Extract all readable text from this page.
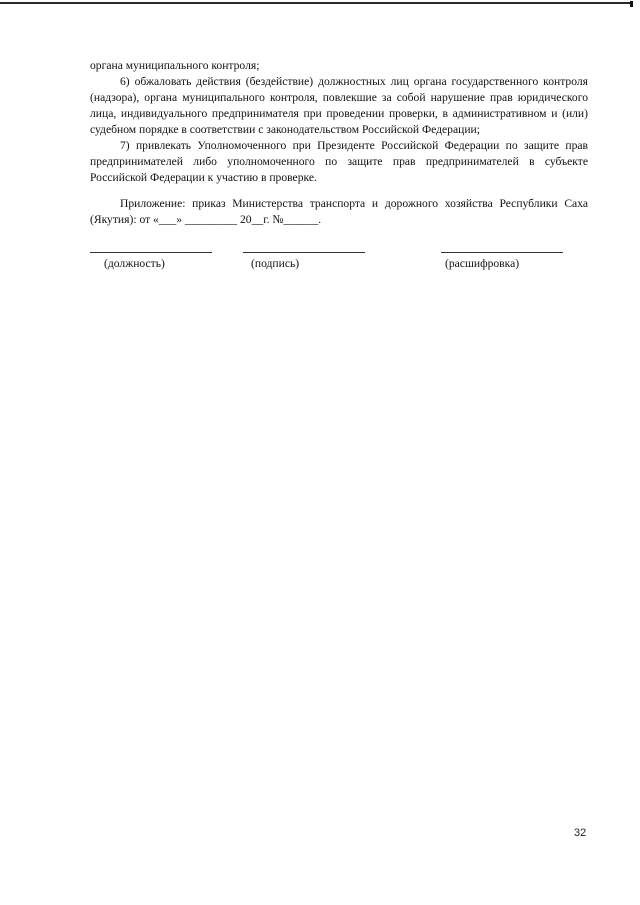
органа муниципального контроля;

6) обжаловать действия (бездействие) должностных лиц органа государственного контроля (надзора), органа муниципального контроля, повлекшие за собой нарушение прав юридического лица, индивидуального предпринимателя при проведении проверки, в административном и (или) судебном порядке в соответствии с законодательством Российской Федерации;

7) привлекать Уполномоченного при Президенте Российской Федерации по защите прав предпринимателей либо уполномоченного по защите прав предпринимателей в субъекте Российской Федерации к участию в проверке.

Приложение: приказ Министерства транспорта и дорожного хозяйства Республики Саха (Якутия): от «___» _________ 20__г. №______.

(должность)	(подпись)	(расшифровка)
32
